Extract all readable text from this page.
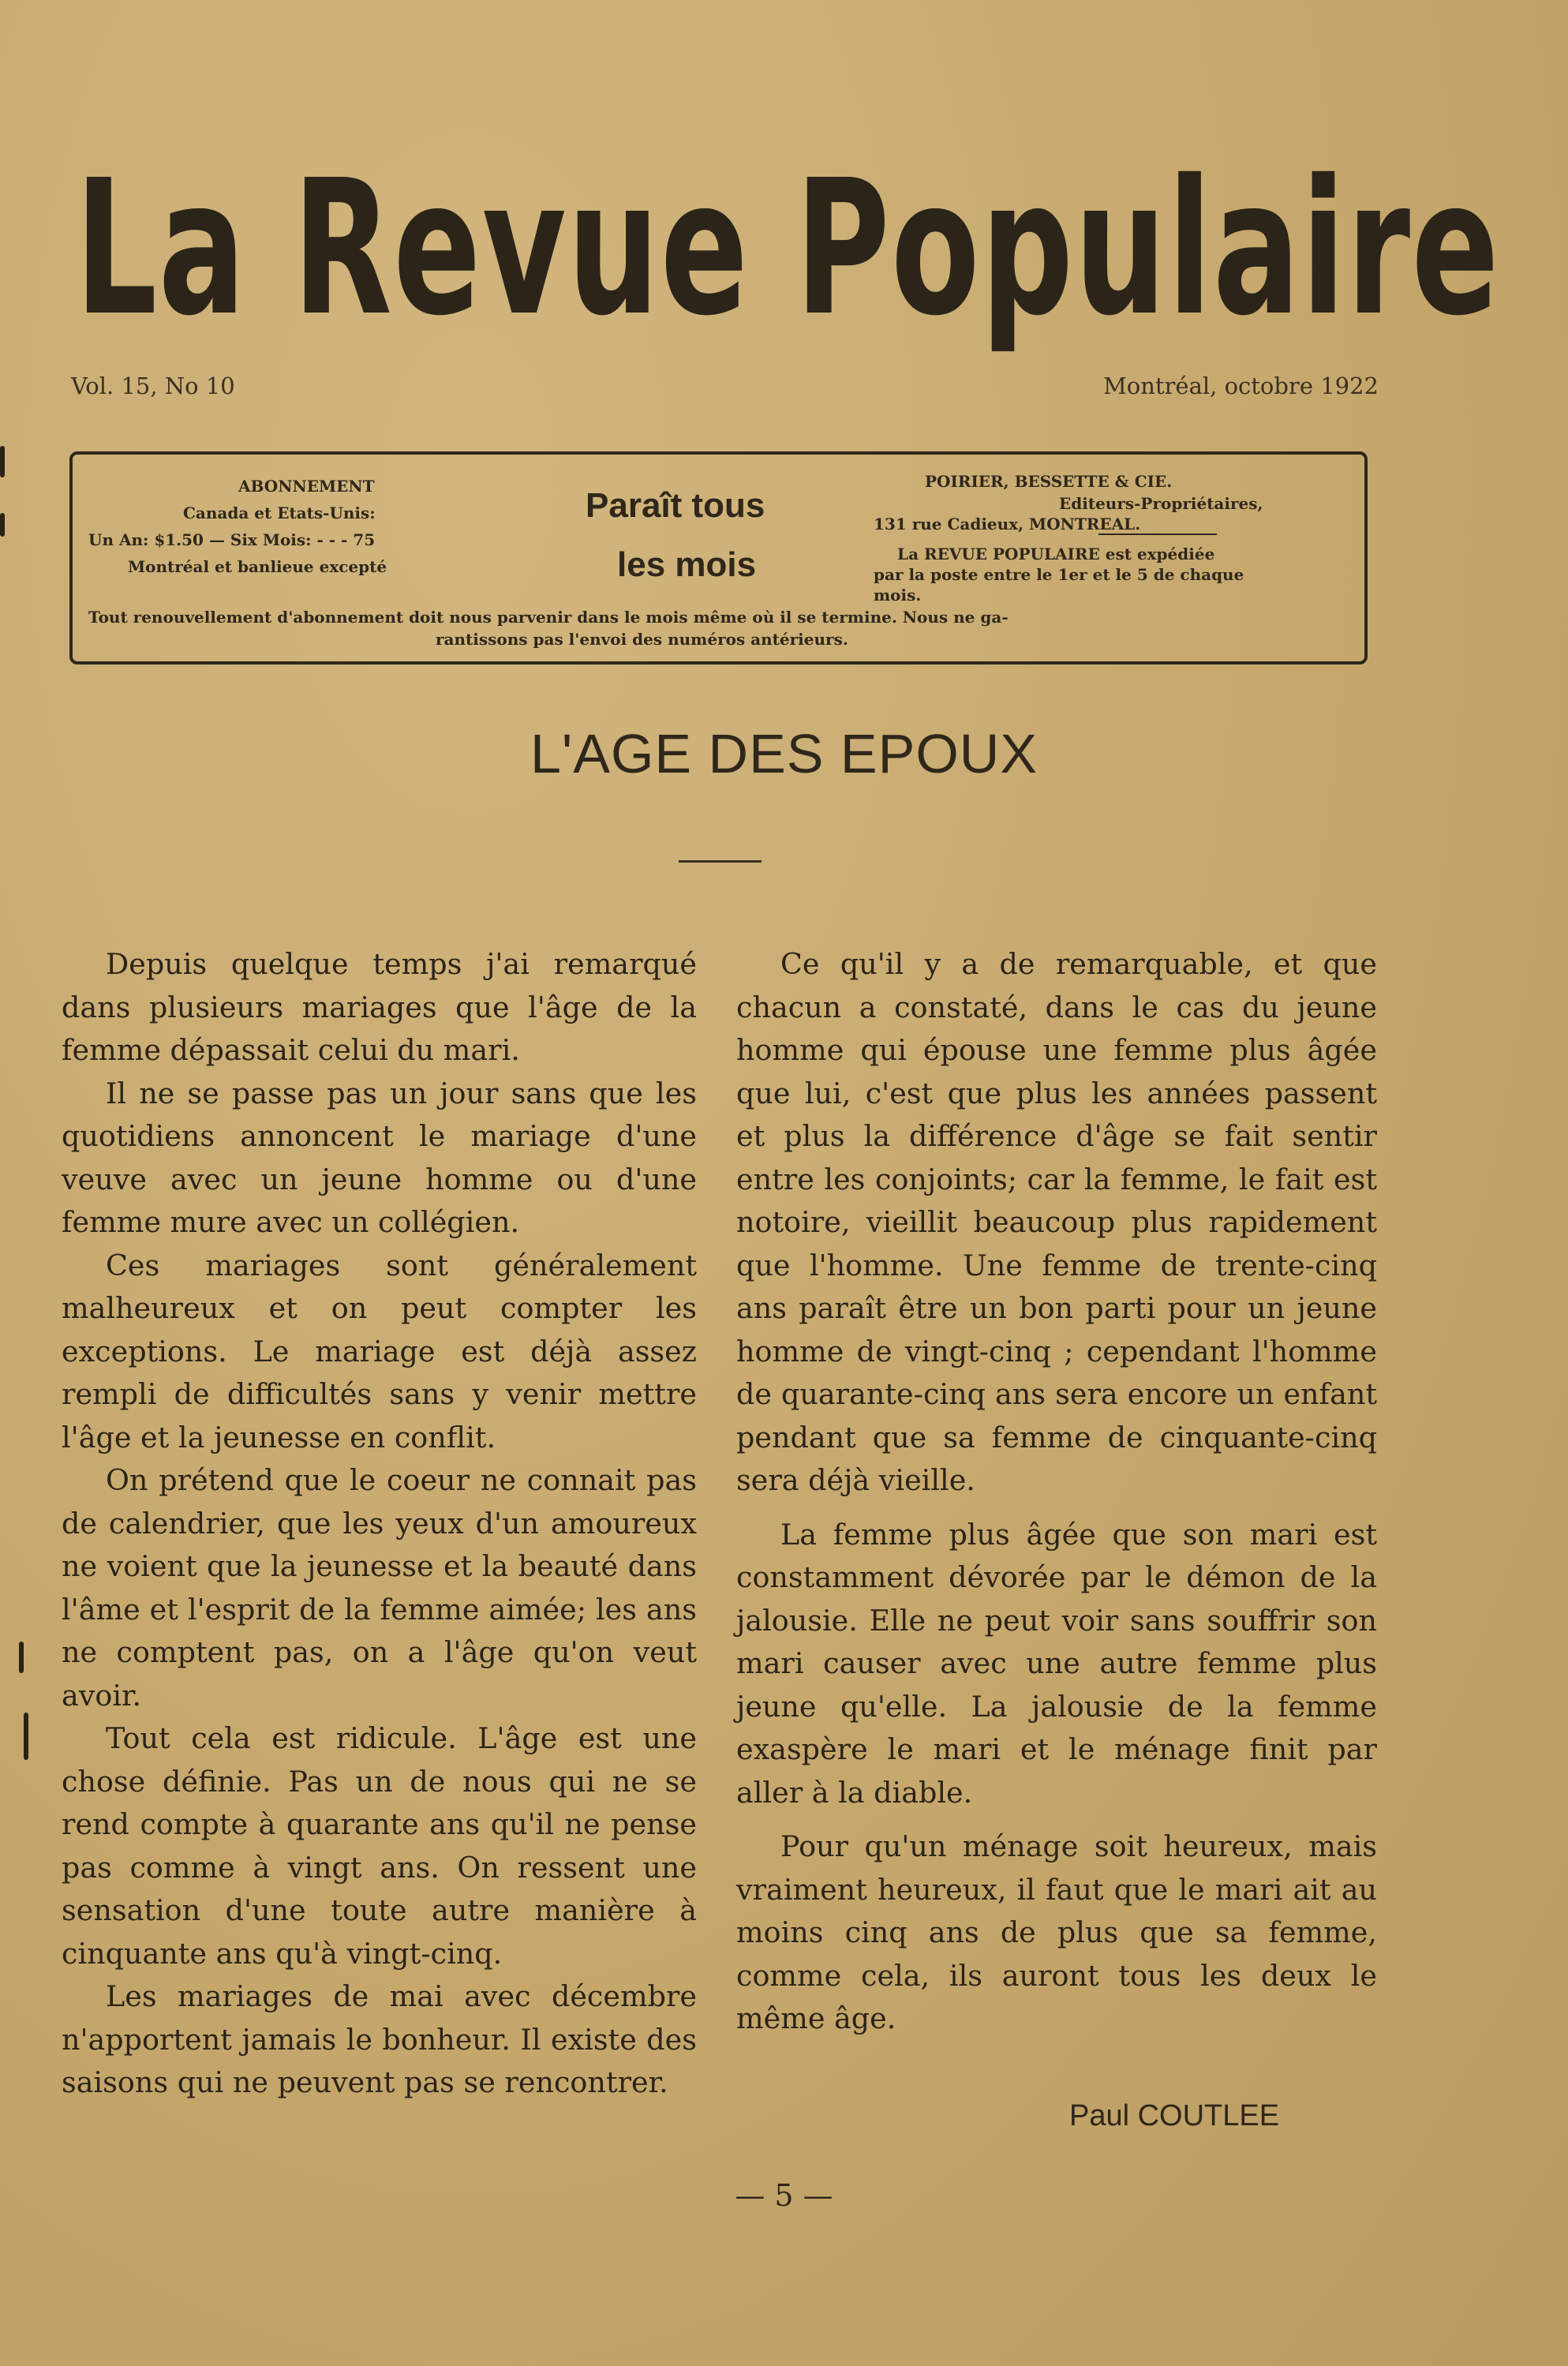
La Revue Populaire
Vol. 15, No 10	Montréal, octobre 1922
ABONNEMENT
Canada et Etats-Unis:
Un An: $1.50 — Six Mois: - - - 75
Montréal et banlieue excepté
Paraît tous
les mois
POIRIER, BESSETTE & CIE.
Editeurs-Propriétaires,
131 rue Cadieux, MONTREAL.
La REVUE POPULAIRE est expédiée
par la poste entre le 1er et le 5 de chaque
mois.
Tout renouvellement d'abonnement doit nous parvenir dans le mois même où il se termine. Nous ne ga-
rantissons pas l'envoi des numéros antérieurs.
L'AGE DES EPOUX

Depuis quelque temps j'ai remarqué dans plusieurs mariages que l'âge de la femme dépassait celui du mari.

Il ne se passe pas un jour sans que les quotidiens annoncent le mariage d'une veuve avec un jeune homme ou d'une femme mure avec un collégien.

Ces mariages sont généralement malheureux et on peut compter les exceptions. Le mariage est déjà assez rempli de difficultés sans y venir mettre l'âge et la jeunesse en conflit.

On prétend que le coeur ne connait pas de calendrier, que les yeux d'un amoureux ne voient que la jeunesse et la beauté dans l'âme et l'esprit de la femme aimée; les ans ne comptent pas, on a l'âge qu'on veut avoir.

Tout cela est ridicule. L'âge est une chose définie. Pas un de nous qui ne se rend compte à quarante ans qu'il ne pense pas comme à vingt ans. On ressent une sensation d'une toute autre manière à cinquante ans qu'à vingt-cinq.

Les mariages de mai avec décembre n'apportent jamais le bonheur. Il existe des saisons qui ne peuvent pas se rencontrer.

Ce qu'il y a de remarquable, et que chacun a constaté, dans le cas du jeune homme qui épouse une femme plus âgée que lui, c'est que plus les années passent et plus la différence d'âge se fait sentir entre les conjoints; car la femme, le fait est notoire, vieillit beaucoup plus rapidement que l'homme. Une femme de trente-cinq ans paraît être un bon parti pour un jeune homme de vingt-cinq ; cependant l'homme de quarante-cinq ans sera encore un enfant pendant que sa femme de cinquante-cinq sera déjà vieille.

La femme plus âgée que son mari est constamment dévorée par le démon de la jalousie. Elle ne peut voir sans souffrir son mari causer avec une autre femme plus jeune qu'elle. La jalousie de la femme exaspère le mari et le ménage finit par aller à la diable.

Pour qu'un ménage soit heureux, mais vraiment heureux, il faut que le mari ait au moins cinq ans de plus que sa femme, comme cela, ils auront tous les deux le même âge.

Paul COUTLEE
— 5 —
